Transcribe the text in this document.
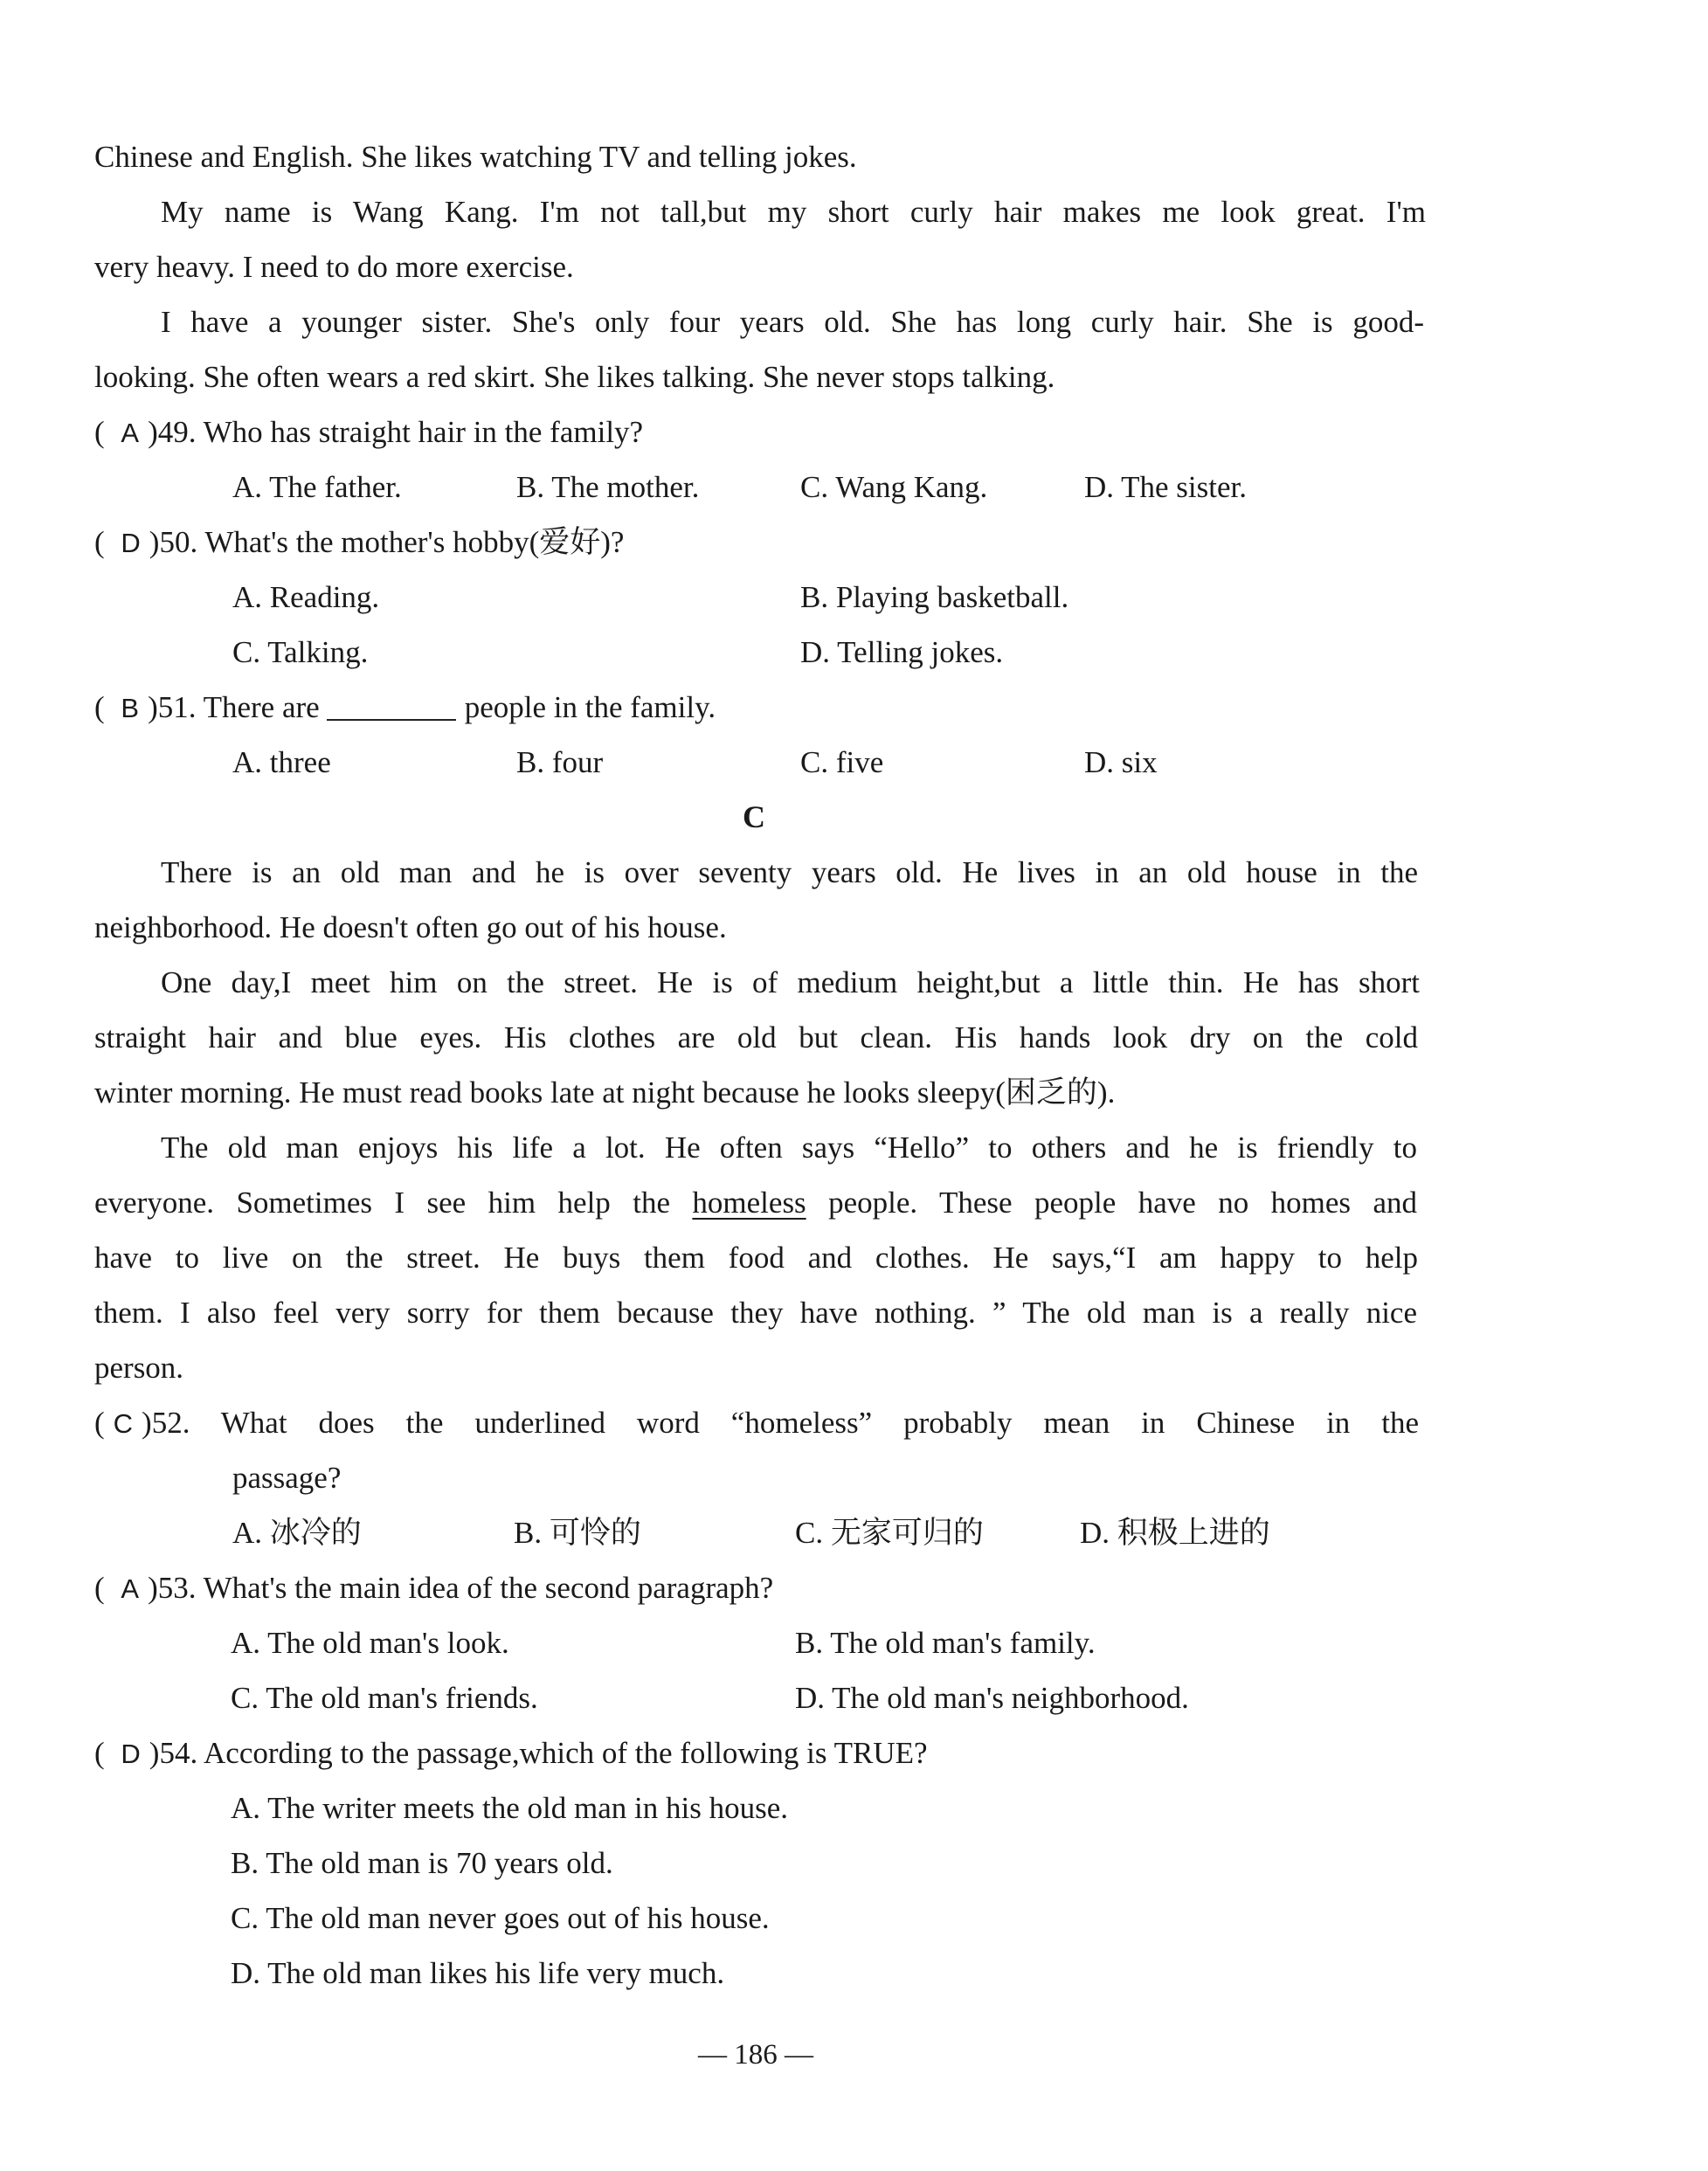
Chinese and English. She likes watching TV and telling jokes.
My name is Wang Kang. I'm not tall,but my short curly hair makes me look great. I'm
very heavy. I need to do more exercise.
I have a younger sister. She's only four years old. She has long curly hair. She is good-
looking. She often wears a red skirt. She likes talking. She never stops talking.
( A )49. Who has straight hair in the family?
A. The father.	B. The mother.	C. Wang Kang.	D. The sister.
( D )50. What's the mother's hobby(爱好)?
A. Reading.	B. Playing basketball.
C. Talking.	D. Telling jokes.
( B )51. There are	people in the family.
A. three	B. four	C. five	D. six
C
There is an old man and he is over seventy years old. He lives in an old house in the
neighborhood. He doesn't often go out of his house.
One day,I meet him on the street. He is of medium height,but a little thin. He has short
straight hair and blue eyes. His clothes are old but clean. His hands look dry on the cold
winter morning. He must read books late at night because he looks sleepy(困乏的).
The old man enjoys his life a lot. He often says “Hello” to others and he is friendly to
everyone. Sometimes I see him help the homeless people. These people have no homes and
have to live on the street. He buys them food and clothes. He says,“I am happy to help
them. I also feel very sorry for them because they have nothing. ” The old man is a really nice
person.
( C )52. What does the underlined word “homeless” probably mean in Chinese in the
passage?
A. 冰冷的	B. 可怜的	C. 无家可归的	D. 积极上进的
( A )53. What's the main idea of the second paragraph?
A. The old man's look.	B. The old man's family.
C. The old man's friends.	D. The old man's neighborhood.
( D )54. According to the passage,which of the following is TRUE?
A. The writer meets the old man in his house.
B. The old man is 70 years old.
C. The old man never goes out of his house.
D. The old man likes his life very much.
— 186 —
